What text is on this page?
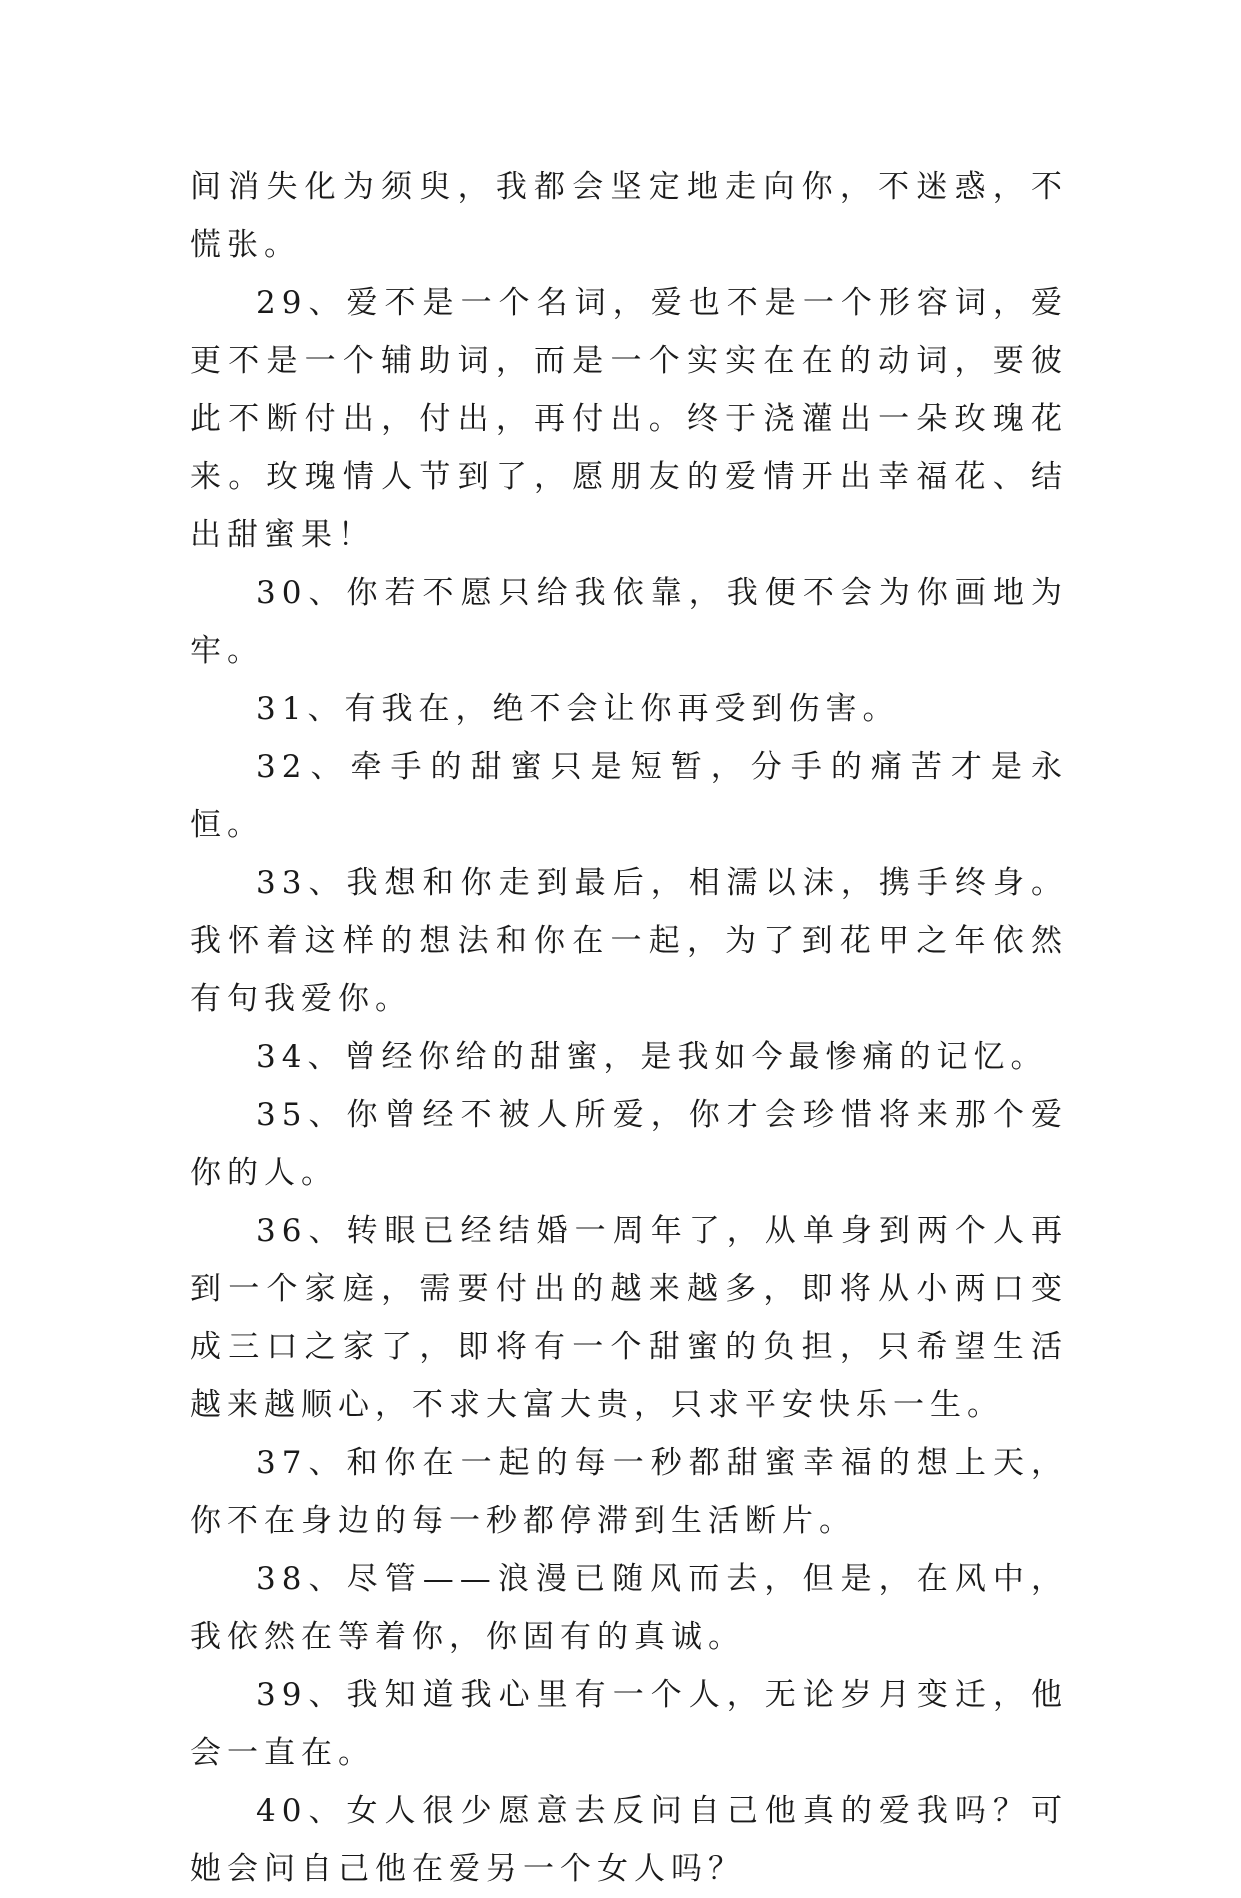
间消失化为须臾，我都会坚定地走向你，不迷惑，不慌张。

29、爱不是一个名词，爱也不是一个形容词，爱更不是一个辅助词，而是一个实实在在的动词，要彼此不断付出，付出，再付出。终于浇灌出一朵玫瑰花来。玫瑰情人节到了，愿朋友的爱情开出幸福花、结出甜蜜果！

30、你若不愿只给我依靠，我便不会为你画地为牢。

31、有我在，绝不会让你再受到伤害。

32、牵手的甜蜜只是短暂，分手的痛苦才是永恒。

33、我想和你走到最后，相濡以沫，携手终身。我怀着这样的想法和你在一起，为了到花甲之年依然有句我爱你。

34、曾经你给的甜蜜，是我如今最惨痛的记忆。

35、你曾经不被人所爱，你才会珍惜将来那个爱你的人。

36、转眼已经结婚一周年了，从单身到两个人再到一个家庭，需要付出的越来越多，即将从小两口变成三口之家了，即将有一个甜蜜的负担，只希望生活越来越顺心，不求大富大贵，只求平安快乐一生。

37、和你在一起的每一秒都甜蜜幸福的想上天，你不在身边的每一秒都停滞到生活断片。

38、尽管——浪漫已随风而去，但是，在风中，我依然在等着你，你固有的真诚。

39、我知道我心里有一个人，无论岁月变迁，他会一直在。

40、女人很少愿意去反问自己他真的爱我吗？可她会问自己他在爱另一个女人吗？
